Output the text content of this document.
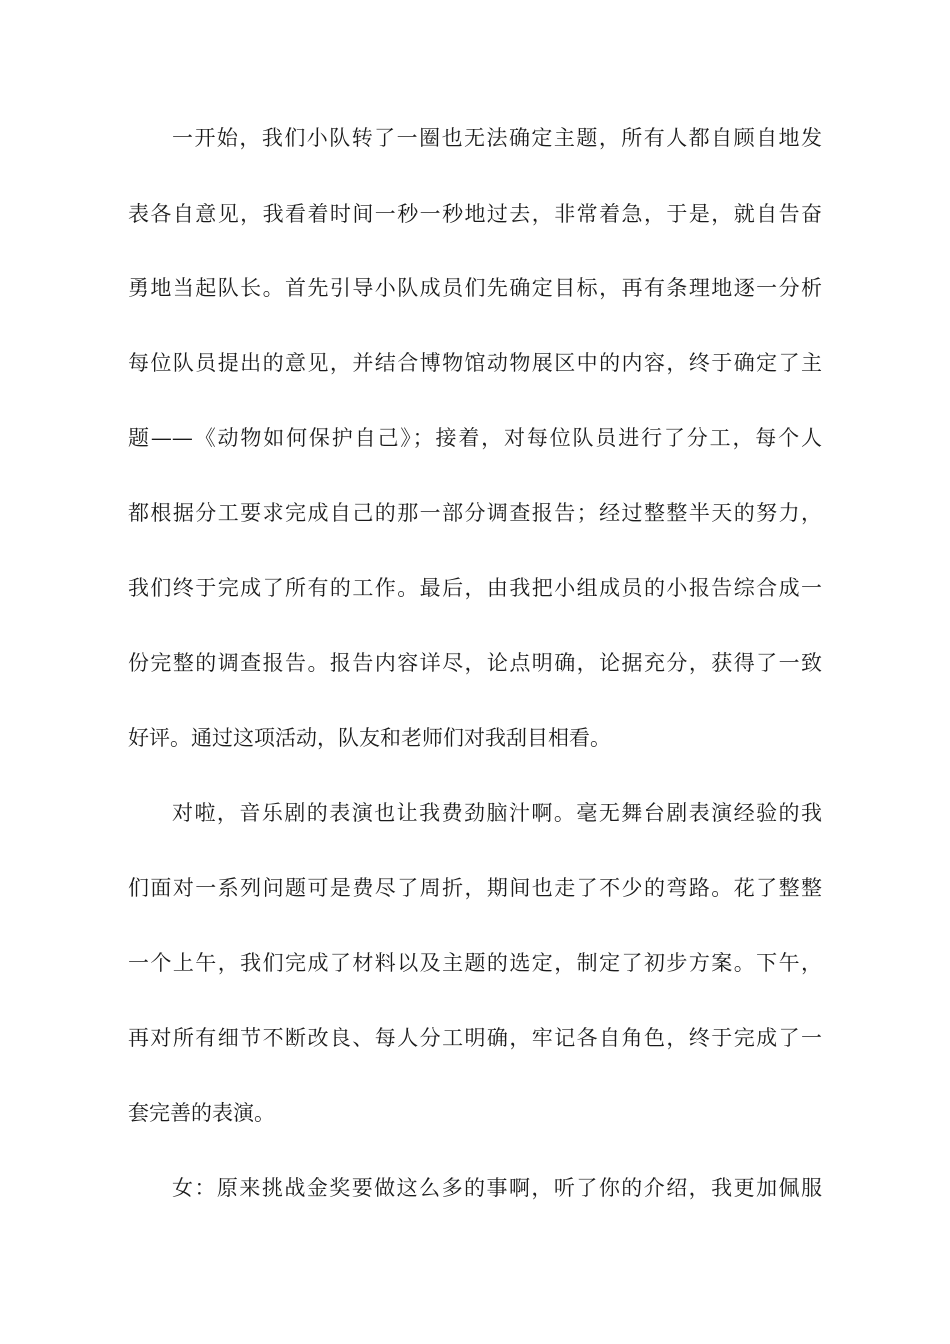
一开始，我们小队转了一圈也无法确定主题，所有人都自顾自地发
表各自意见，我看着时间一秒一秒地过去，非常着急，于是，就自告奋
勇地当起队长。首先引导小队成员们先确定目标，再有条理地逐一分析
每位队员提出的意见，并结合博物馆动物展区中的内容，终于确定了主
题——《动物如何保护自己》；接着，对每位队员进行了分工，每个人
都根据分工要求完成自己的那一部分调查报告；经过整整半天的努力，
我们终于完成了所有的工作。最后，由我把小组成员的小报告综合成一
份完整的调查报告。报告内容详尽，论点明确，论据充分，获得了一致
好评。通过这项活动，队友和老师们对我刮目相看。
对啦，音乐剧的表演也让我费劲脑汁啊。毫无舞台剧表演经验的我
们面对一系列问题可是费尽了周折，期间也走了不少的弯路。花了整整
一个上午，我们完成了材料以及主题的选定，制定了初步方案。下午，
再对所有细节不断改良、每人分工明确，牢记各自角色，终于完成了一
套完善的表演。
女：原来挑战金奖要做这么多的事啊，听了你的介绍，我更加佩服
